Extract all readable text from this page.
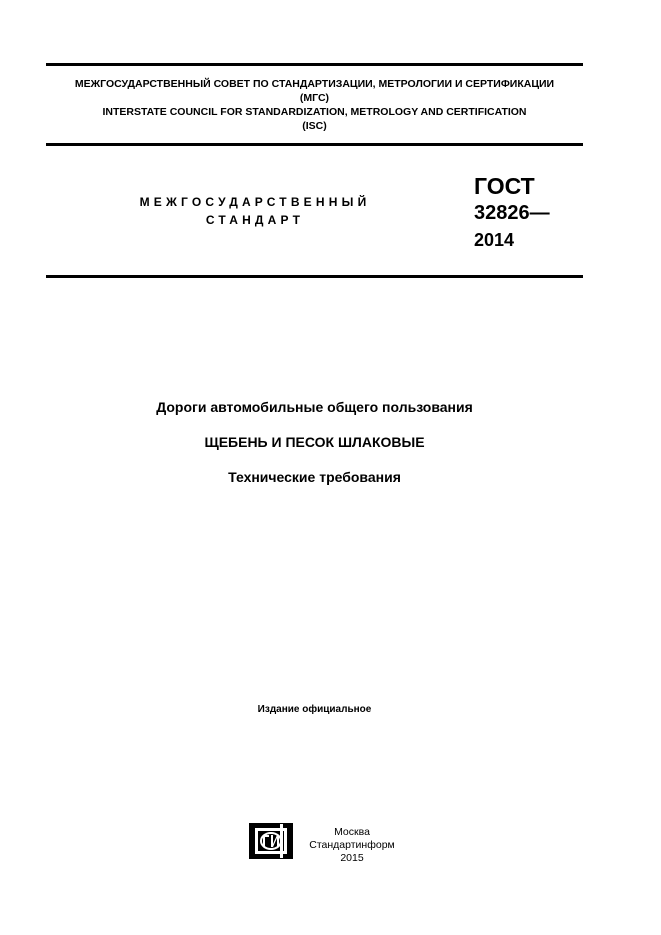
МЕЖГОСУДАРСТВЕННЫЙ СОВЕТ ПО СТАНДАРТИЗАЦИИ, МЕТРОЛОГИИ И СЕРТИФИКАЦИИ
(МГС)
INTERSTATE COUNCIL FOR STANDARDIZATION, METROLOGY AND CERTIFICATION
(ISC)
МЕЖГОСУДАРСТВЕННЫЙ
СТАНДАРТ
ГОСТ
32826—
2014
Дороги автомобильные общего пользования
ЩЕБЕНЬ И ПЕСОК ШЛАКОВЫЕ
Технические требования
Издание официальное
Москва
Стандартинформ
2015
